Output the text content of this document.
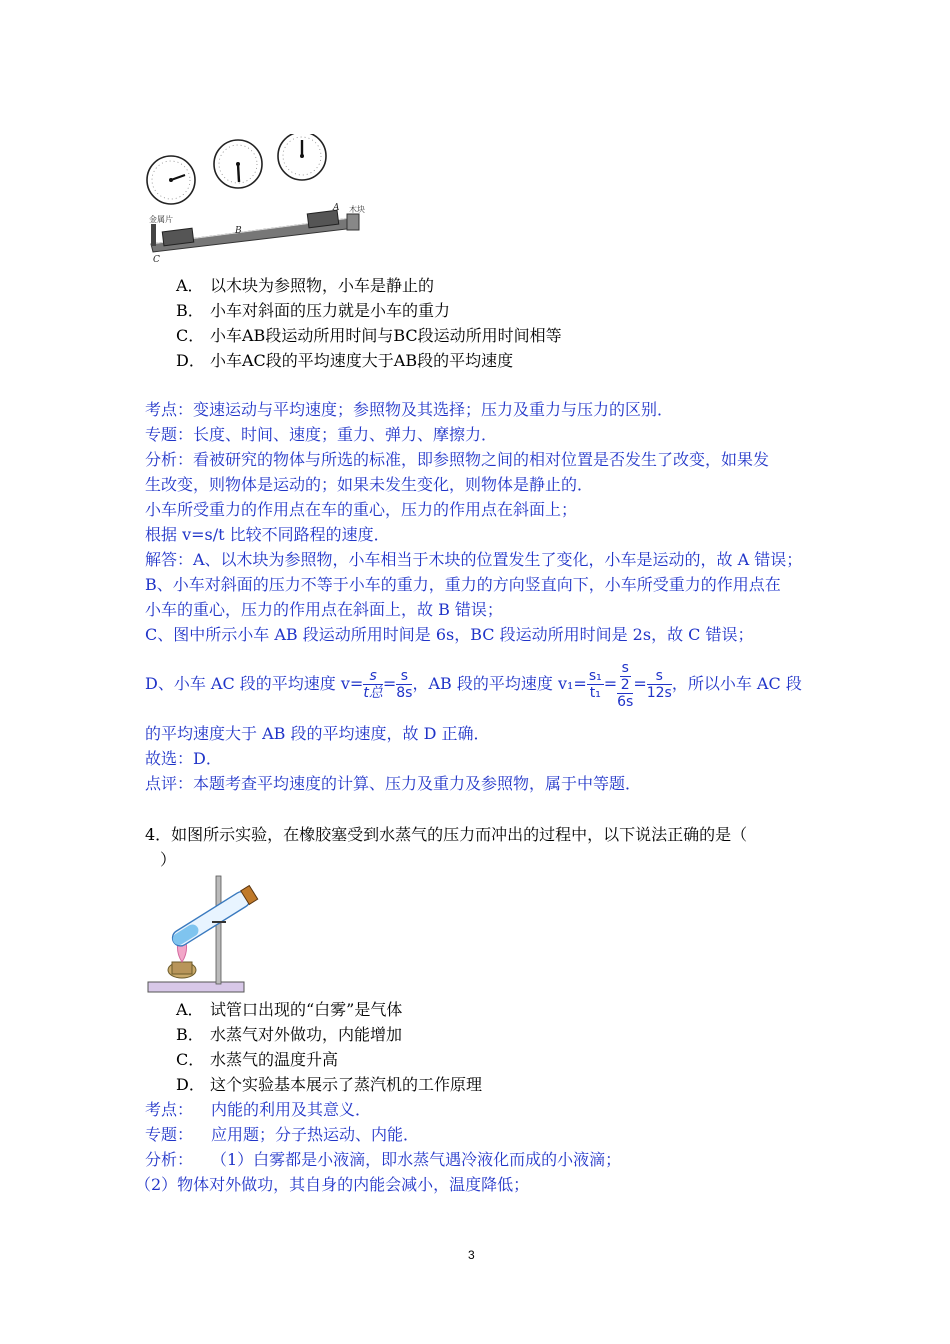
金属片
B
A
C
木块
A． 以木块为参照物，小车是静止的
B． 小车对斜面的压力就是小车的重力
C． 小车AB段运动所用时间与BC段运动所用时间相等
D． 小车AC段的平均速度大于AB段的平均速度
考点：变速运动与平均速度；参照物及其选择；压力及重力与压力的区别．
专题：长度、时间、速度；重力、弹力、摩擦力．
分析：看被研究的物体与所选的标准，即参照物之间的相对位置是否发生了改变，如果发
生改变，则物体是运动的；如果未发生变化，则物体是静止的．
小车所受重力的作用点在车的重心，压力的作用点在斜面上；
根据 v=s/t 比较不同路程的速度．
解答：A、以木块为参照物，小车相当于木块的位置发生了变化，小车是运动的，故 A 错误；
B、小车对斜面的压力不等于小车的重力，重力的方向竖直向下，小车所受重力的作用点在
小车的重心，压力的作用点在斜面上，故 B 错误；
C、图中所示小车 AB 段运动所用时间是 6s，BC 段运动所用时间是 2s，故 C 错误；
D、小车 AC 段的平均速度 $v= \frac{s}{\text{t总}} = \frac{s}{8s}$ ，AB 段的平均速度 $v_1= \frac{\text{s₁}}{\text{t₁}} = \frac{\frac{s}{2}}{6s} = \frac{s}{12s}$ ，所以小车 AC 段
的平均速度大于 AB 段的平均速度，故 D 正确．
故选：D．
点评：本题考查平均速度的计算、压力及重力及参照物，属于中等题．
4．如图所示实验，在橡胶塞受到水蒸气的压力而冲出的过程中，以下说法正确的是（
）
A． 试管口出现的“白雾”是气体
B． 水蒸气对外做功，内能增加
C． 水蒸气的温度升高
D． 这个实验基本展示了蒸汽机的工作原理
考点： 内能的利用及其意义．
专题： 应用题；分子热运动、内能．
分析： （1）白雾都是小液滴，即水蒸气遇冷液化而成的小液滴；
（2）物体对外做功，其自身的内能会减小，温度降低；
3
